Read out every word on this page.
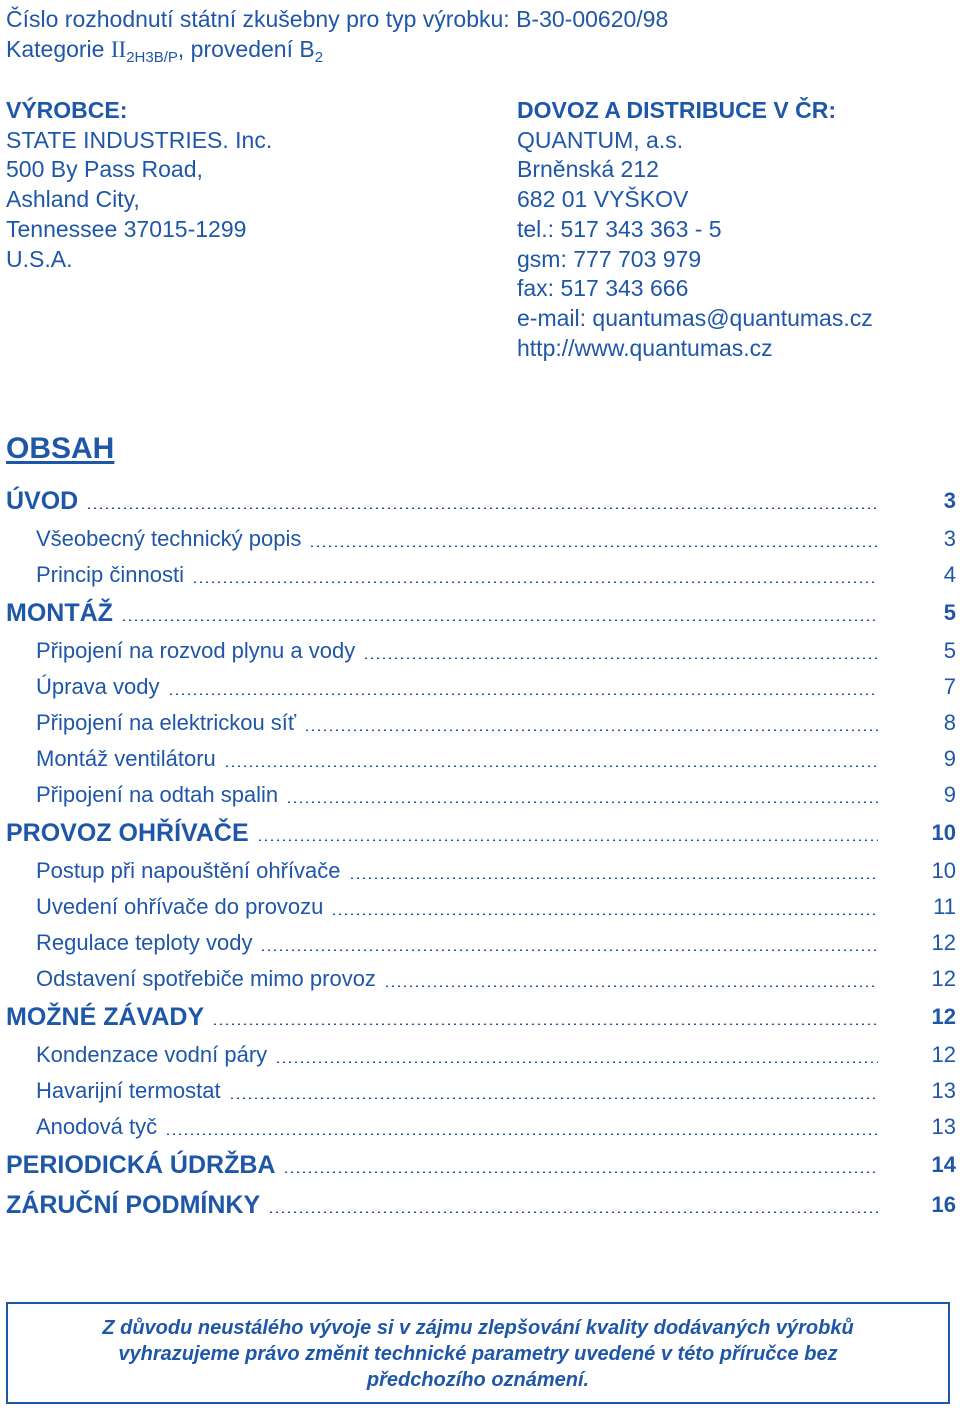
Číslo rozhodnutí státní zkušebny pro typ výrobku: B-30-00620/98
Kategorie $II_{2H3B/P}$, provedení $B_2$
VÝROBCE:
STATE INDUSTRIES. Inc.
500 By Pass Road,
Ashland City,
Tennessee 37015-1299
U.S.A.
DOVOZ A DISTRIBUCE V ČR:
QUANTUM, a.s.
Brněnská 212
682 01 VYŠKOV
tel.: 517 343 363 - 5
gsm: 777 703 979
fax: 517 343 666
e-mail: quantumas@quantumas.cz
http://www.quantumas.cz
OBSAH
ÚVOD	3
Všeobecný technický popis	3
Princip činnosti	4
MONTÁŽ	5
Připojení na rozvod plynu a vody	5
Úprava vody	7
Připojení na elektrickou síť	8
Montáž ventilátoru	9
Připojení na odtah spalin	9
PROVOZ OHŘÍVAČE	10
Postup při napouštění ohřívače	10
Uvedení ohřívače do provozu	11
Regulace teploty vody	12
Odstavení spotřebiče mimo provoz	12
MOŽNÉ ZÁVADY	12
Kondenzace vodní páry	12
Havarijní termostat	13
Anodová tyč	13
PERIODICKÁ ÚDRŽBA	14
ZÁRUČNÍ PODMÍNKY	16
Z důvodu neustálého vývoje si v zájmu zlepšování kvality dodávaných výrobků
vyhrazujeme právo změnit technické parametry uvedené v této příručce bez
předchozího oznámení.
